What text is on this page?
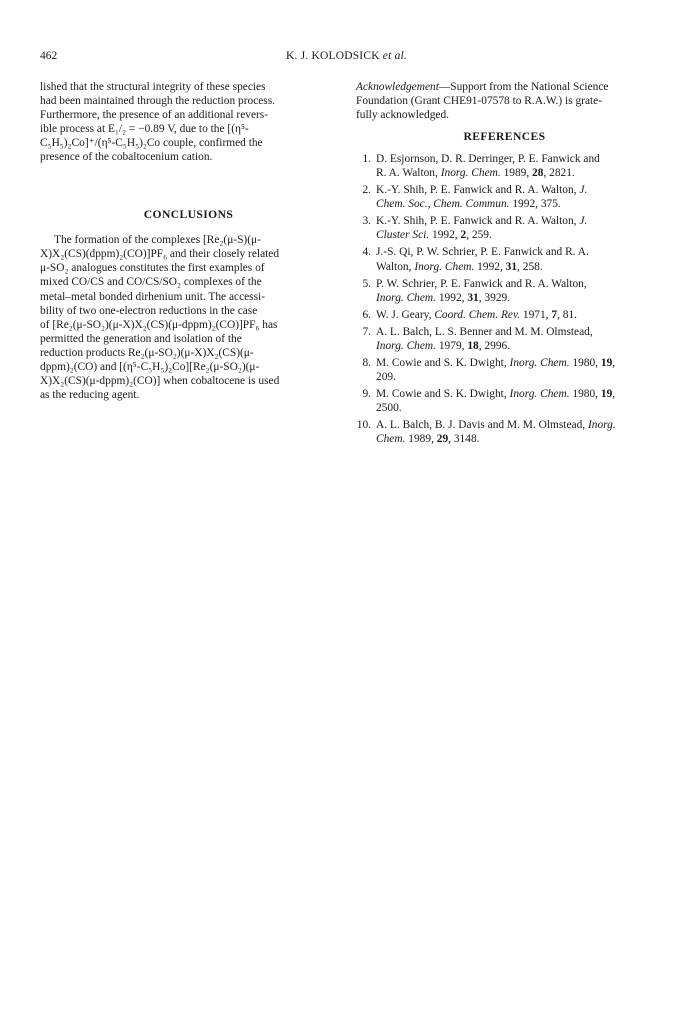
462	K. J. KOLODSICK et al.

lished that the structural integrity of these species
had been maintained through the reduction process.
Furthermore, the presence of an additional revers-
ible process at E₁/₂ = −0.89 V, due to the [(η⁵-
C₅H₅)₂Co]⁺/(η⁵-C₅H₅)₂Co couple, confirmed the
presence of the cobaltocenium cation.

CONCLUSIONS

The formation of the complexes [Re₂(μ-S)(μ-
X)X₂(CS)(dppm)₂(CO)]PF₆ and their closely related
μ-SO₂ analogues constitutes the first examples of
mixed CO/CS and CO/CS/SO₂ complexes of the
metal–metal bonded dirhenium unit. The accessi-
bility of two one-electron reductions in the case
of [Re₂(μ-SO₂)(μ-X)X₂(CS)(μ-dppm)₂(CO)]PF₆ has
permitted the generation and isolation of the
reduction products Re₂(μ-SO₂)(μ-X)X₂(CS)(μ-
dppm)₂(CO) and [(η⁵-C₅H₅)₂Co][Re₂(μ-SO₂)(μ-
X)X₂(CS)(μ-dppm)₂(CO)] when cobaltocene is used
as the reducing agent.

Acknowledgement—Support from the National Science
Foundation (Grant CHE91-07578 to R.A.W.) is grate-
fully acknowledged.

REFERENCES
1. D. Esjornson, D. R. Derringer, P. E. Fanwick and
R. A. Walton, Inorg. Chem. 1989, 28, 2821.
2. K.-Y. Shih, P. E. Fanwick and R. A. Walton, J.
Chem. Soc., Chem. Commun. 1992, 375.
3. K.-Y. Shih, P. E. Fanwick and R. A. Walton, J.
Cluster Sci. 1992, 2, 259.
4. J.-S. Qi, P. W. Schrier, P. E. Fanwick and R. A.
Walton, Inorg. Chem. 1992, 31, 258.
5. P. W. Schrier, P. E. Fanwick and R. A. Walton,
Inorg. Chem. 1992, 31, 3929.
6. W. J. Geary, Coord. Chem. Rev. 1971, 7, 81.
7. A. L. Balch, L. S. Benner and M. M. Olmstead,
Inorg. Chem. 1979, 18, 2996.
8. M. Cowie and S. K. Dwight, Inorg. Chem. 1980, 19,
209.
9. M. Cowie and S. K. Dwight, Inorg. Chem. 1980, 19,
2500.
10. A. L. Balch, B. J. Davis and M. M. Olmstead, Inorg.
Chem. 1989, 29, 3148.
